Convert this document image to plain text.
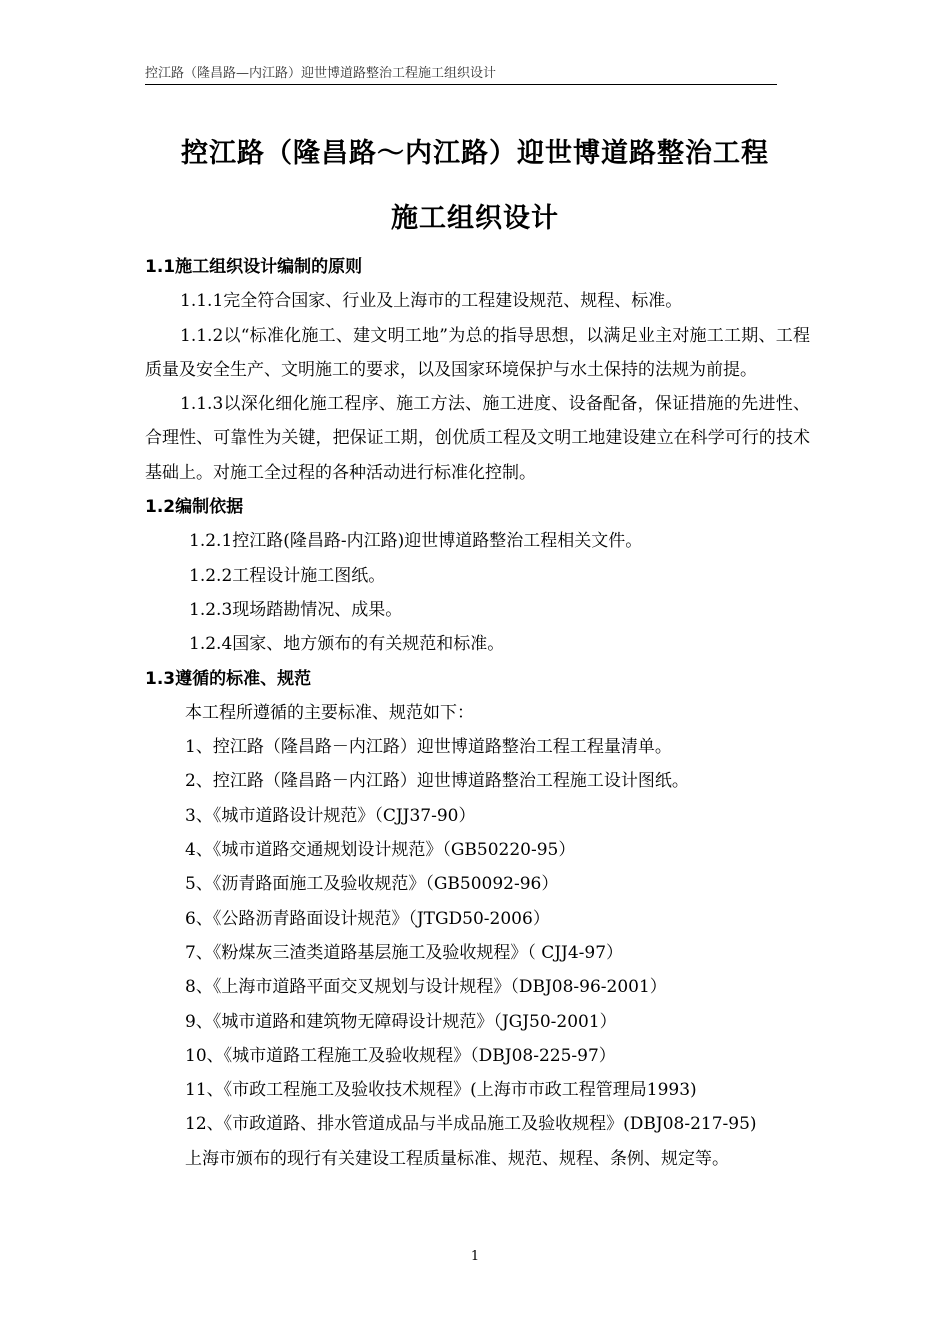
控江路（隆昌路—内江路）迎世博道路整治工程施工组织设计
控江路（隆昌路～内江路）迎世博道路整治工程
施工组织设计
1.1施工组织设计编制的原则
1.1.1完全符合国家、行业及上海市的工程建设规范、规程、标准。
1.1.2以“标准化施工、建文明工地”为总的指导思想，以满足业主对施工工期、工程质量及安全生产、文明施工的要求，以及国家环境保护与水土保持的法规为前提。
1.1.3以深化细化施工程序、施工方法、施工进度、设备配备，保证措施的先进性、合理性、可靠性为关键，把保证工期，创优质工程及文明工地建设建立在科学可行的技术基础上。对施工全过程的各种活动进行标准化控制。
1.2编制依据
1.2.1控江路(隆昌路-内江路)迎世博道路整治工程相关文件。
1.2.2工程设计施工图纸。
1.2.3现场踏勘情况、成果。
1.2.4国家、地方颁布的有关规范和标准。
1.3遵循的标准、规范
本工程所遵循的主要标准、规范如下：
1、控江路（隆昌路－内江路）迎世博道路整治工程工程量清单。
2、控江路（隆昌路－内江路）迎世博道路整治工程施工设计图纸。
3、《城市道路设计规范》（CJJ37-90）
4、《城市道路交通规划设计规范》（GB50220-95）
5、《沥青路面施工及验收规范》（GB50092-96）
6、《公路沥青路面设计规范》（JTGD50-2006）
7、《粉煤灰三渣类道路基层施工及验收规程》（ CJJ4-97）
8、《上海市道路平面交叉规划与设计规程》（DBJ08-96-2001）
9、《城市道路和建筑物无障碍设计规范》（JGJ50-2001）
10、《城市道路工程施工及验收规程》（DBJ08-225-97）
11、《市政工程施工及验收技术规程》(上海市市政工程管理局1993)
12、《市政道路、排水管道成品与半成品施工及验收规程》(DBJ08-217-95)
上海市颁布的现行有关建设工程质量标准、规范、规程、条例、规定等。
1
